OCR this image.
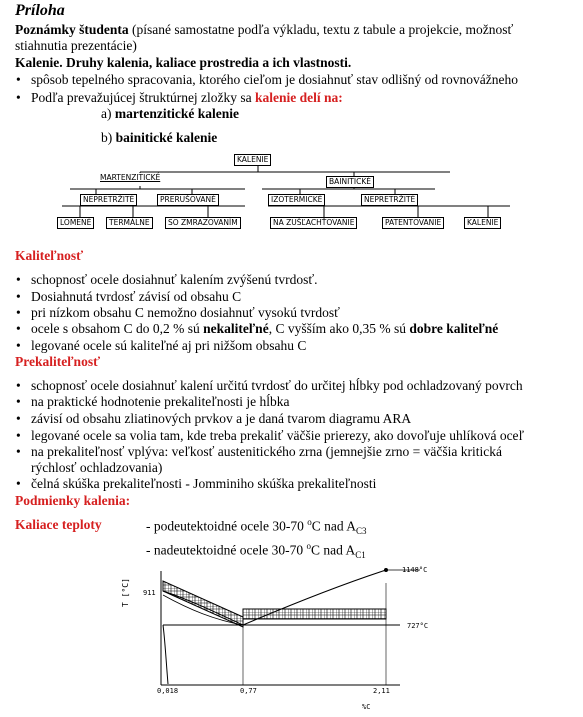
Príloha
Poznámky študenta (písané samostatne podľa výkladu, textu z tabule a projekcie, možnosť
stiahnutia prezentácie)
Kalenie. Druhy kalenia, kaliace prostredia a ich vlastnosti.
• spôsob tepelného spracovania, ktorého cieľom je dosiahnuť stav odlišný od rovnovážneho
• Podľa prevažujúcej štruktúrnej zložky sa kalenie delí na:
a) martenzitické kalenie
b) bainitické kalenie
KALENIE
MARTENZITICKÉ	BAINITICKÉ
NEPRETRŽITÉ	PRERUŠOVANÉ	IZOTERMICKÉ	NEPRETRŽITÉ
LOMENÉ	TERMÁLNE	SO ZMRAZOVANÍM	NA ZUŠĽACHŤOVANIE	PATENTOVANIE	KALENIE
Kaliteľnosť
• schopnosť ocele dosiahnuť kalením zvýšenú tvrdosť.
• Dosiahnutá tvrdosť závisí od obsahu C
• pri nízkom obsahu C nemožno dosiahnuť vysokú tvrdosť
• ocele s obsahom C do 0,2 % sú nekaliteľné, C vyšším ako 0,35 % sú dobre kaliteľné
• legované ocele sú kaliteľné aj pri nižšom obsahu C
Prekaliteľnosť
• schopnosť ocele dosiahnuť kalení určitú tvrdosť do určitej hĺbky pod ochladzovaný povrch
• na praktické hodnotenie prekaliteľnosti je hĺbka
• závisí od obsahu zliatinových prvkov a je daná tvarom diagramu ARA
• legované ocele sa volia tam, kde treba prekaliť väčšie prierezy, ako dovoľuje uhlíková oceľ
• na prekaliteľnosť vplýva: veľkosť austenitického zrna (jemnejšie zrno = väčšia kritická
rýchlosť ochladzovania)
• čelná skúška prekaliteľnosti - Jomminiho skúška prekaliteľnosti
Podmienky kalenia:
Kaliace teploty	- podeutektoidné ocele 30-70 $^o$C nad $A_{C3}$
- nadeutektoidné ocele 30-70 $^o$C nad $A_{C1}$
T [°C] 911
0,018	0,77	2,11
%C
1148°C
727°C
